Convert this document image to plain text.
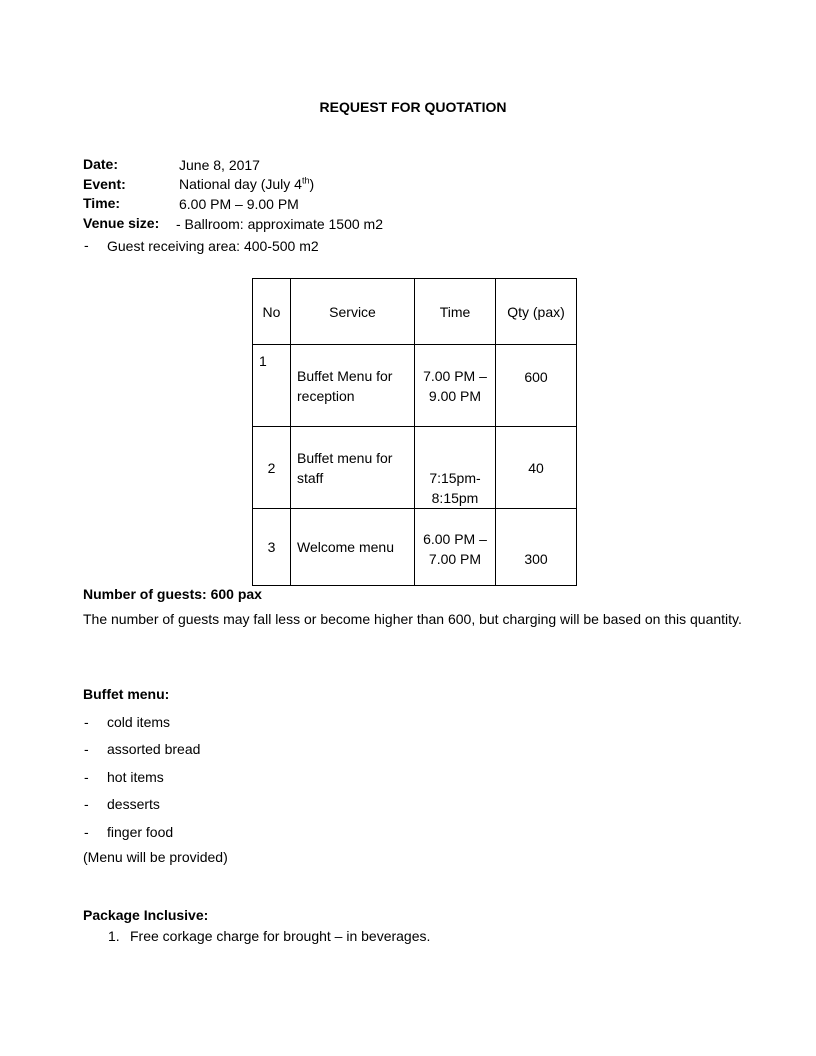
REQUEST FOR QUOTATION
Date:	June 8, 2017
Event:	National day (July 4th)
Time:	6.00 PM – 9.00 PM
Venue size: - Ballroom: approximate 1500 m2
- Guest receiving area: 400-500 m2
No	Service	Time	Qty (pax)
1	Buffet Menu for reception	7.00 PM – 9.00 PM	600
2	Buffet menu for staff	7:15pm- 8:15pm	40
3	Welcome menu	6.00 PM – 7.00 PM	300
Number of guests: 600 pax
The number of guests may fall less or become higher than 600, but charging will be based on this quantity.
Buffet menu:
- cold items
- assorted bread
- hot items
- desserts
- finger food
(Menu will be provided)
Package Inclusive:
1. Free corkage charge for brought – in beverages.
